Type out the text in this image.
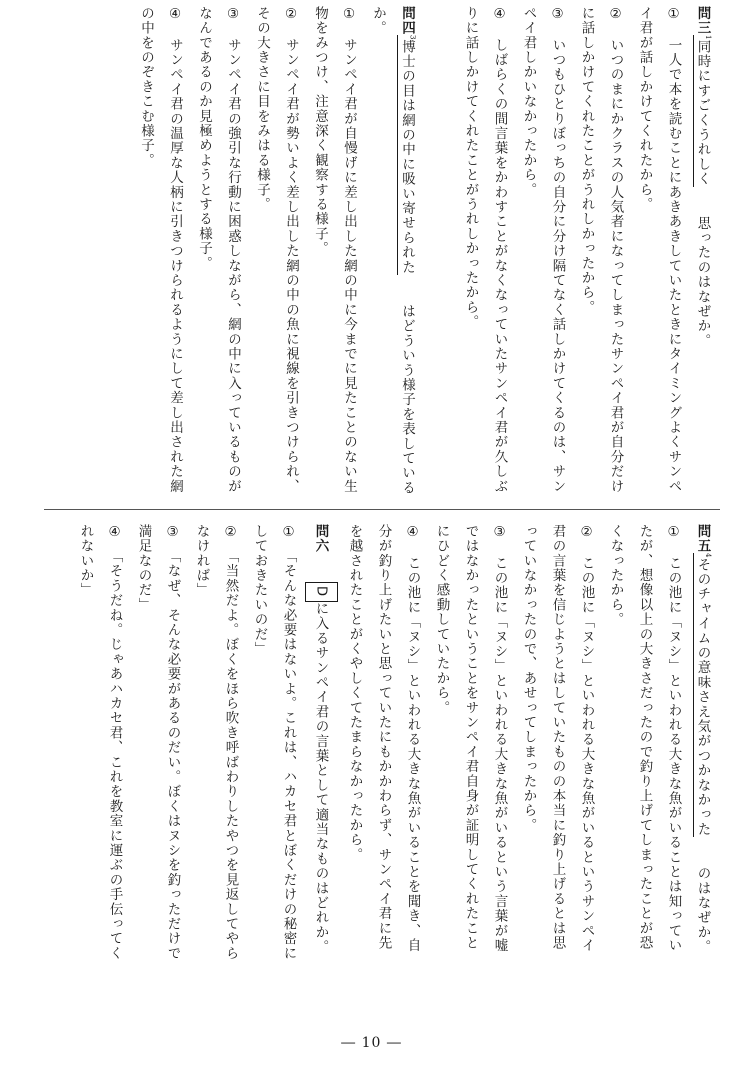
問三$^1$同時にすごくうれしく思ったのはなぜか。
①　一人で本を読むことにあきあきしていたときにタイミングよくサンペイ君が話しかけてくれたから。
②　いつのまにかクラスの人気者になってしまったサンペイ君が自分だけに話しかけてくれたことがうれしかったから。
③　いつもひとりぼっちの自分に分け隔てなく話しかけてくるのは、サンペイ君しかいなかったから。
④　しばらくの間言葉をかわすことがなくなっていたサンペイ君が久しぶりに話しかけてくれたことがうれしかったから。

問四$^3$博士の目は網の中に吸い寄せられたはどういう様子を表しているか。
①　サンペイ君が自慢げに差し出した網の中に今までに見たことのない生物をみつけ、注意深く観察する様子。
②　サンペイ君が勢いよく差し出した網の中の魚に視線を引きつけられ、その大きさに目をみはる様子。
③　サンペイ君の強引な行動に困惑しながら、網の中に入っているものがなんであるのか見極めようとする様子。
④　サンペイ君の温厚な人柄に引きつけられるようにして差し出された網の中をのぞきこむ様子。
問五$^4$そのチャイムの意味さえ気がつかなかったのはなぜか。
①　この池に「ヌシ」といわれる大きな魚がいることは知っていたが、想像以上の大きさだったので釣り上げてしまったことが恐くなったから。
②　この池に「ヌシ」といわれる大きな魚がいるというサンペイ君の言葉を信じようとはしていたものの本当に釣り上げるとは思っていなかったので、あせってしまったから。
③　この池に「ヌシ」といわれる大きな魚がいるという言葉が嘘ではなかったということをサンペイ君自身が証明してくれたことにひどく感動していたから。
④　この池に「ヌシ」といわれる大きな魚がいることを聞き、自分が釣り上げたいと思っていたにもかかわらず、サンペイ君に先を越されたことがくやしくてたまらなかったから。
問六Dに入るサンペイ君の言葉として適当なものはどれか。
①　「そんな必要はないよ。これは、ハカセ君とぼくだけの秘密にしておきたいのだ」
②　「当然だよ。ぼくをほら吹き呼ばわりしたやつを見返してやらなければ」
③　「なぜ、そんな必要があるのだい。ぼくはヌシを釣っただけで満足なのだ」
④　「そうだね。じゃあハカセ君、これを教室に運ぶの手伝ってくれないか」
― 10 ―
